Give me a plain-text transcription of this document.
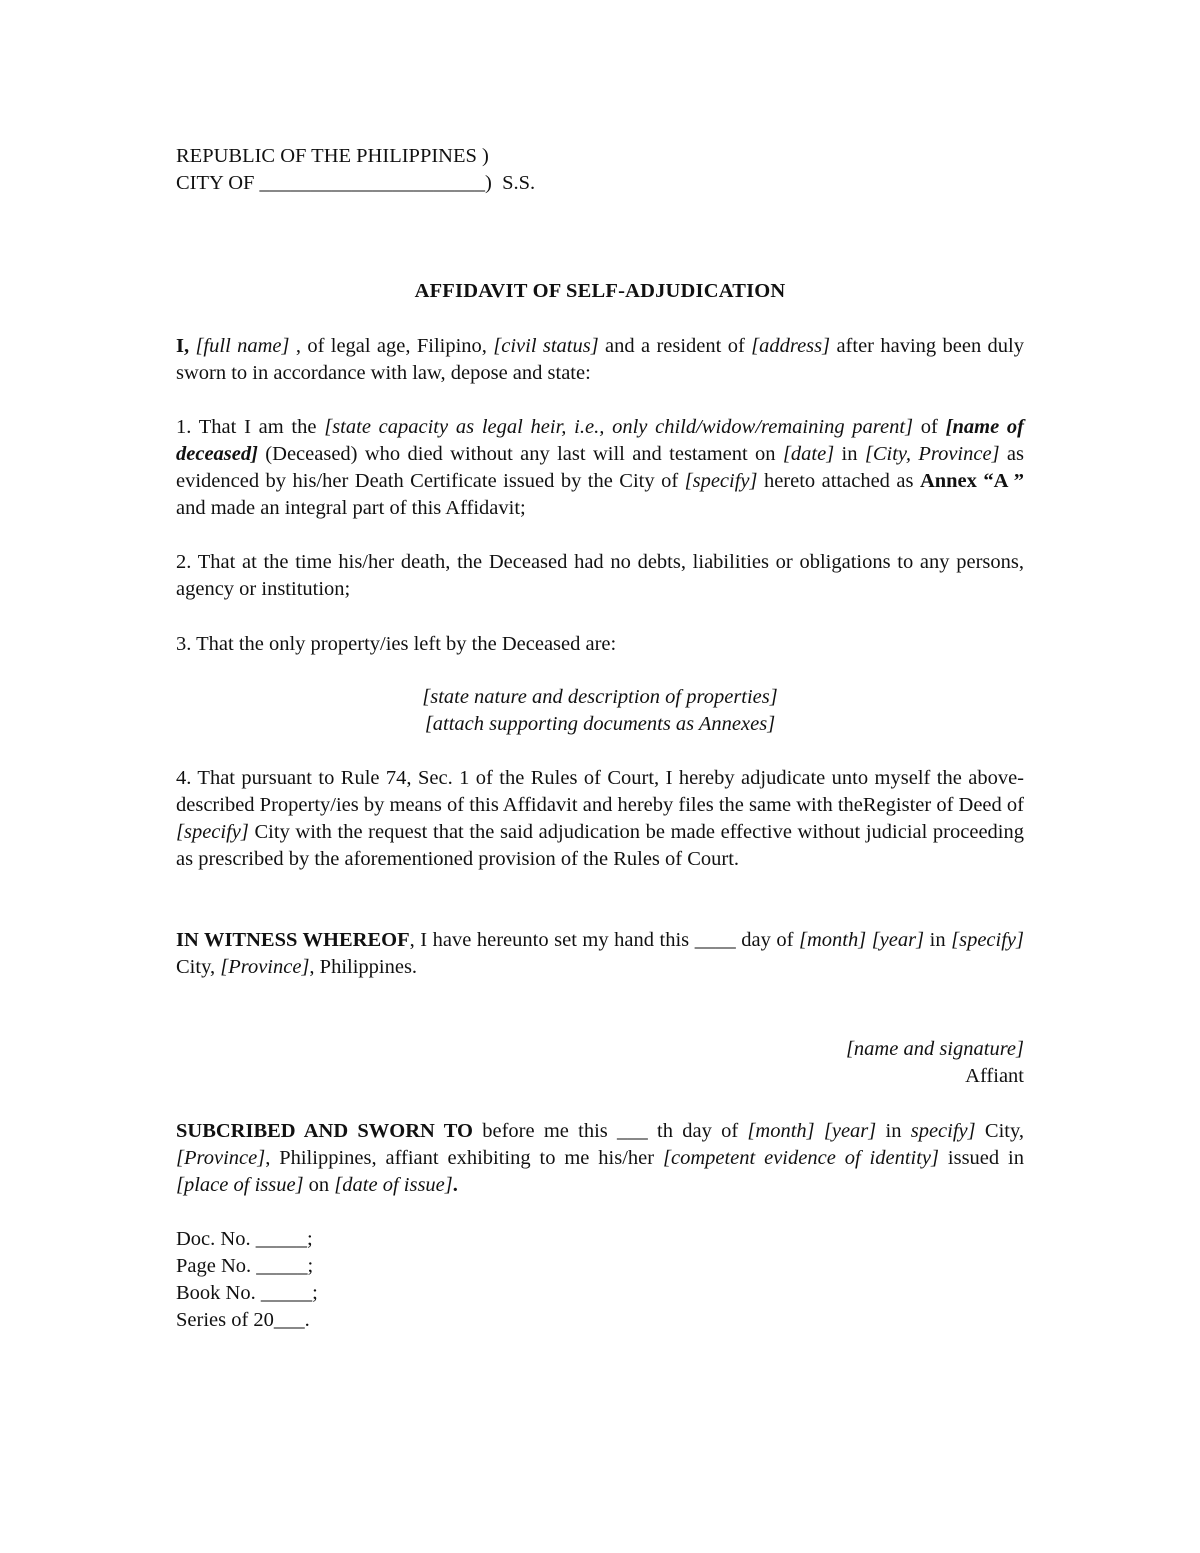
REPUBLIC OF THE PHILIPPINES )
CITY OF ______________________)  S.S.
AFFIDAVIT OF SELF-ADJUDICATION
I, [full name] , of legal age, Filipino, [civil status] and a resident of [address] after having been duly sworn to in accordance with law, depose and state:
1. That I am the [state capacity as legal heir, i.e., only child/widow/remaining parent] of [name of deceased] (Deceased) who died without any last will and testament on [date] in [City, Province] as evidenced by his/her Death Certificate issued by the City of [specify] hereto attached as Annex “A ” and made an integral part of this Affidavit;
2. That at the time his/her death, the Deceased had no debts, liabilities or obligations to any persons, agency or institution;
3. That the only property/ies left by the Deceased are:
[state nature and description of properties]
[attach supporting documents as Annexes]
4. That pursuant to Rule 74, Sec. 1 of the Rules of Court, I hereby adjudicate unto myself the above-described Property/ies by means of this Affidavit and hereby files the same with theRegister of Deed of [specify] City with the request that the said adjudication be made effective without judicial proceeding as prescribed by the aforementioned provision of the Rules of Court.
IN WITNESS WHEREOF, I have hereunto set my hand this ____ day of [month] [year] in [specify] City, [Province], Philippines.
[name and signature]
Affiant
SUBCRIBED AND SWORN TO before me this ___ th day of [month] [year] in specify] City, [Province], Philippines, affiant exhibiting to me his/her [competent evidence of identity] issued in [place of issue] on [date of issue].
Doc. No. _____;
Page No. _____;
Book No. _____;
Series of 20___.
